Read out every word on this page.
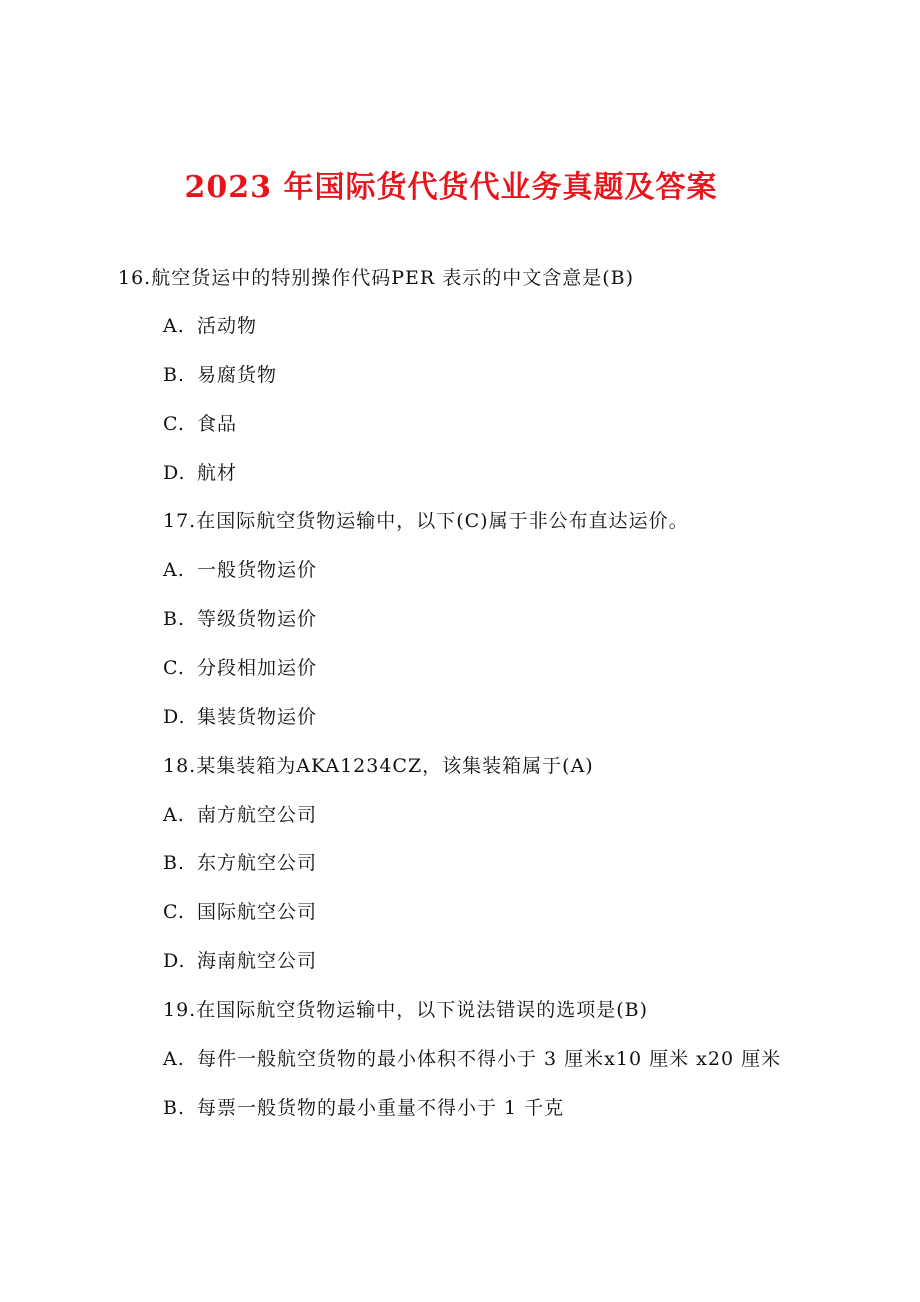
2023 年国际货代货代业务真题及答案
16.航空货运中的特别操作代码PER 表示的中文含意是(B)
A. 活动物
B. 易腐货物
C. 食品
D. 航材
17.在国际航空货物运输中，以下(C)属于非公布直达运价。
A. 一般货物运价
B. 等级货物运价
C. 分段相加运价
D. 集装货物运价
18.某集装箱为AKA1234CZ，该集装箱属于(A)
A. 南方航空公司
B. 东方航空公司
C. 国际航空公司
D. 海南航空公司
19.在国际航空货物运输中，以下说法错误的选项是(B)
A. 每件一般航空货物的最小体积不得小于 3 厘米x10 厘米 x20 厘米
B. 每票一般货物的最小重量不得小于 1 千克
